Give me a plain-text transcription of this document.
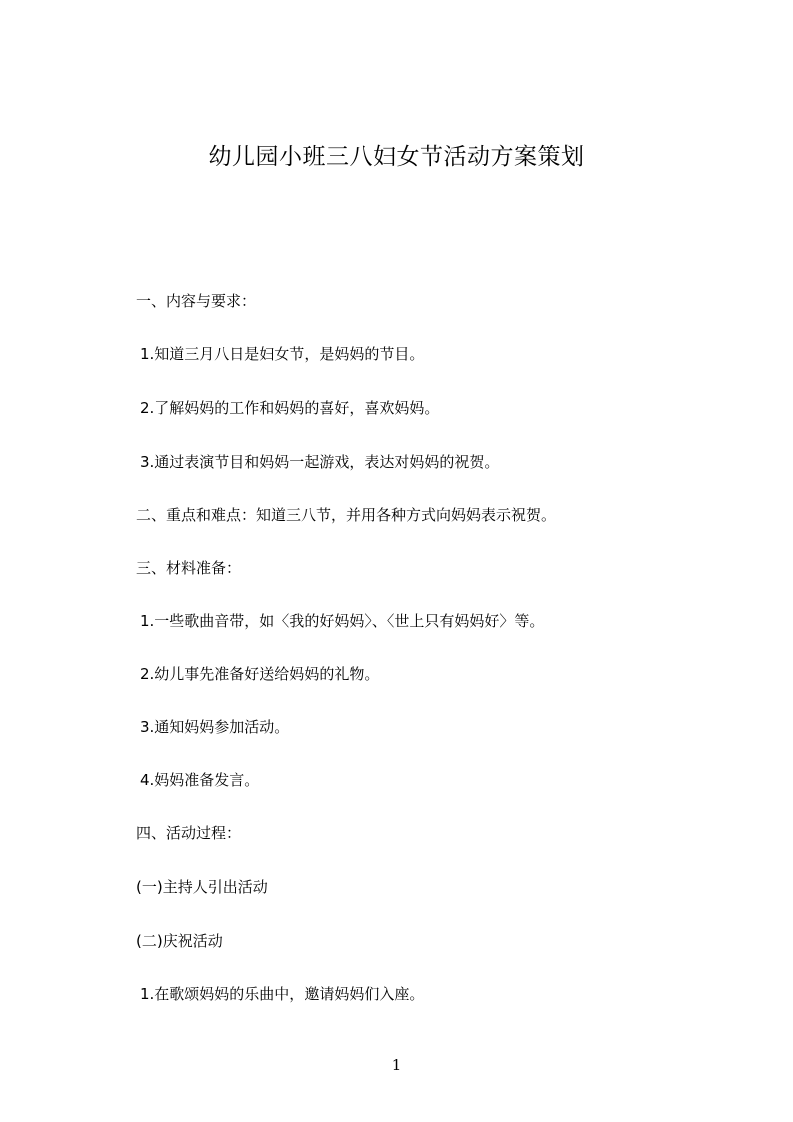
幼儿园小班三八妇女节活动方案策划
一、内容与要求：
1.知道三月八日是妇女节，是妈妈的节目。
2.了解妈妈的工作和妈妈的喜好，喜欢妈妈。
3.通过表演节目和妈妈一起游戏，表达对妈妈的祝贺。
二、重点和难点：知道三八节，并用各种方式向妈妈表示祝贺。
三、材料准备：
1.一些歌曲音带，如〈我的好妈妈〉、〈世上只有妈妈好〉等。
2.幼儿事先准备好送给妈妈的礼物。
3.通知妈妈参加活动。
4.妈妈准备发言。
四、活动过程：
(一)主持人引出活动
(二)庆祝活动
1.在歌颂妈妈的乐曲中，邀请妈妈们入座。
1
